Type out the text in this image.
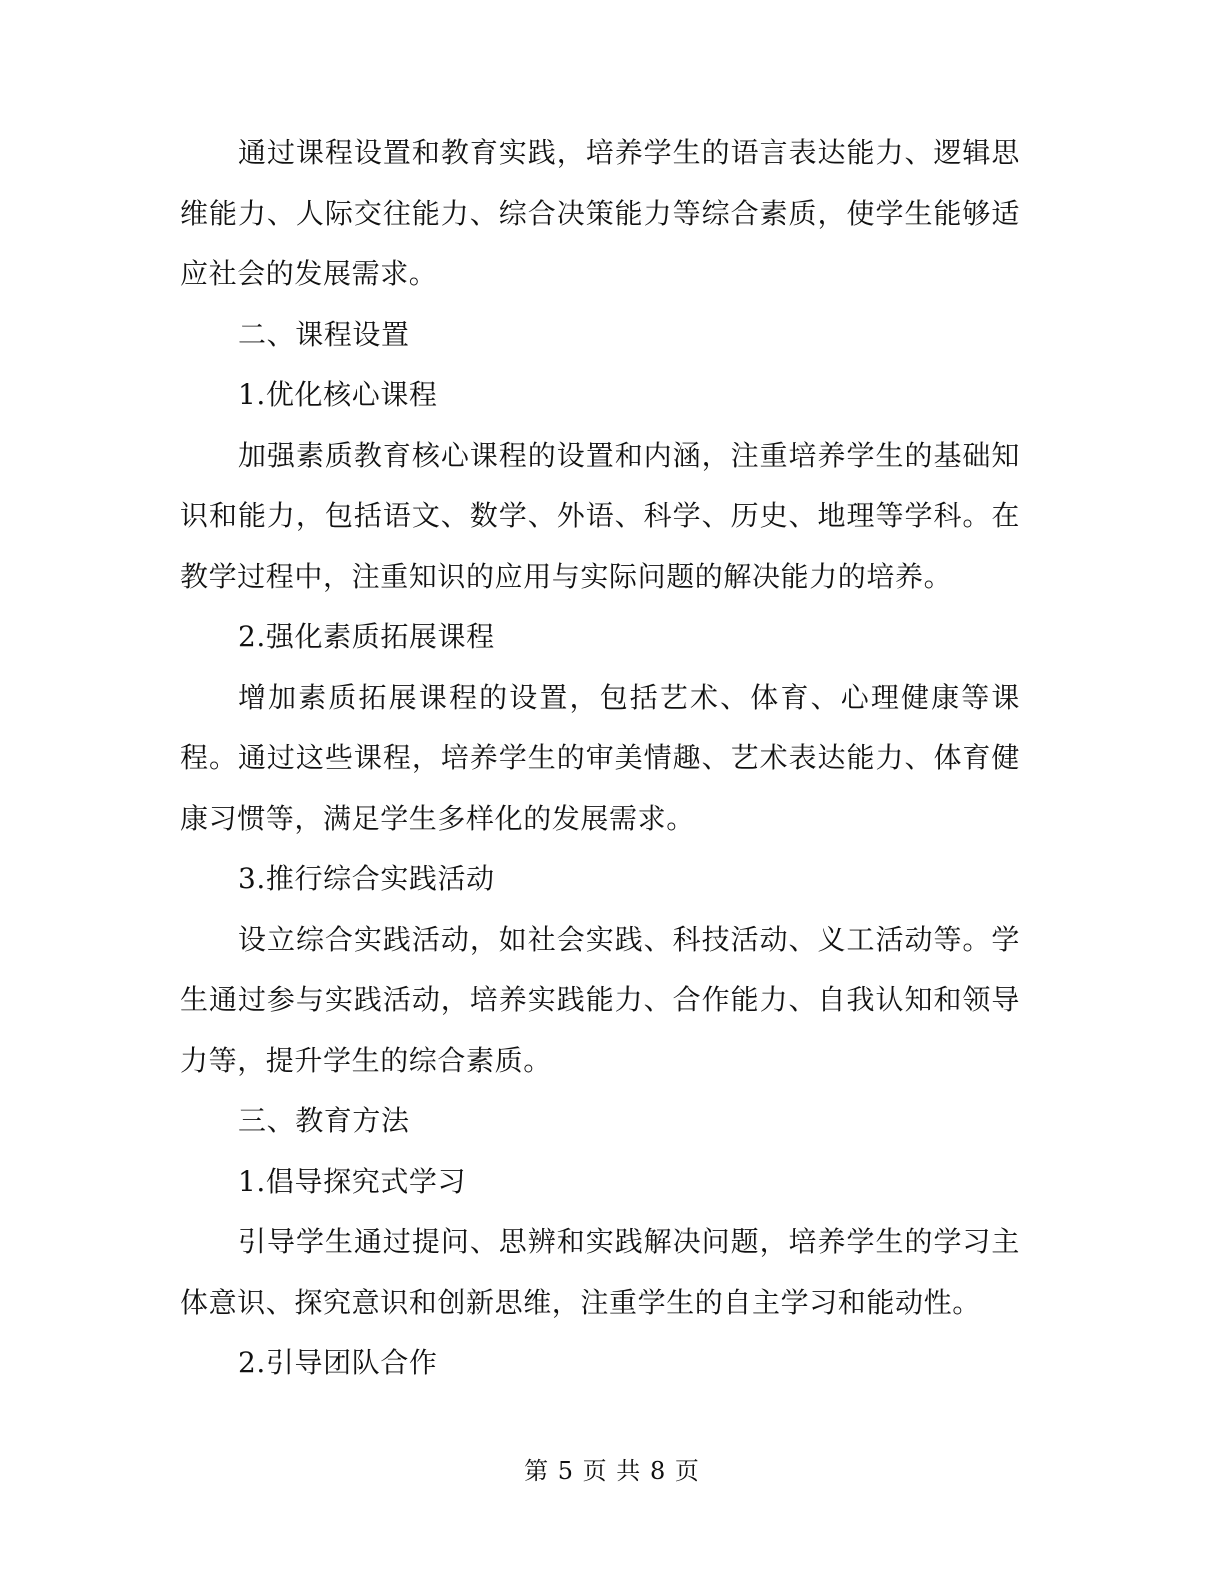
通过课程设置和教育实践，培养学生的语言表达能力、逻辑思维能力、人际交往能力、综合决策能力等综合素质，使学生能够适应社会的发展需求。

二、课程设置

1.优化核心课程

加强素质教育核心课程的设置和内涵，注重培养学生的基础知识和能力，包括语文、数学、外语、科学、历史、地理等学科。在教学过程中，注重知识的应用与实际问题的解决能力的培养。

2.强化素质拓展课程

增加素质拓展课程的设置，包括艺术、体育、心理健康等课程。通过这些课程，培养学生的审美情趣、艺术表达能力、体育健康习惯等，满足学生多样化的发展需求。

3.推行综合实践活动

设立综合实践活动，如社会实践、科技活动、义工活动等。学生通过参与实践活动，培养实践能力、合作能力、自我认知和领导力等，提升学生的综合素质。

三、教育方法

1.倡导探究式学习

引导学生通过提问、思辨和实践解决问题，培养学生的学习主体意识、探究意识和创新思维，注重学生的自主学习和能动性。

2.引导团队合作

第 5 页 共 8 页
